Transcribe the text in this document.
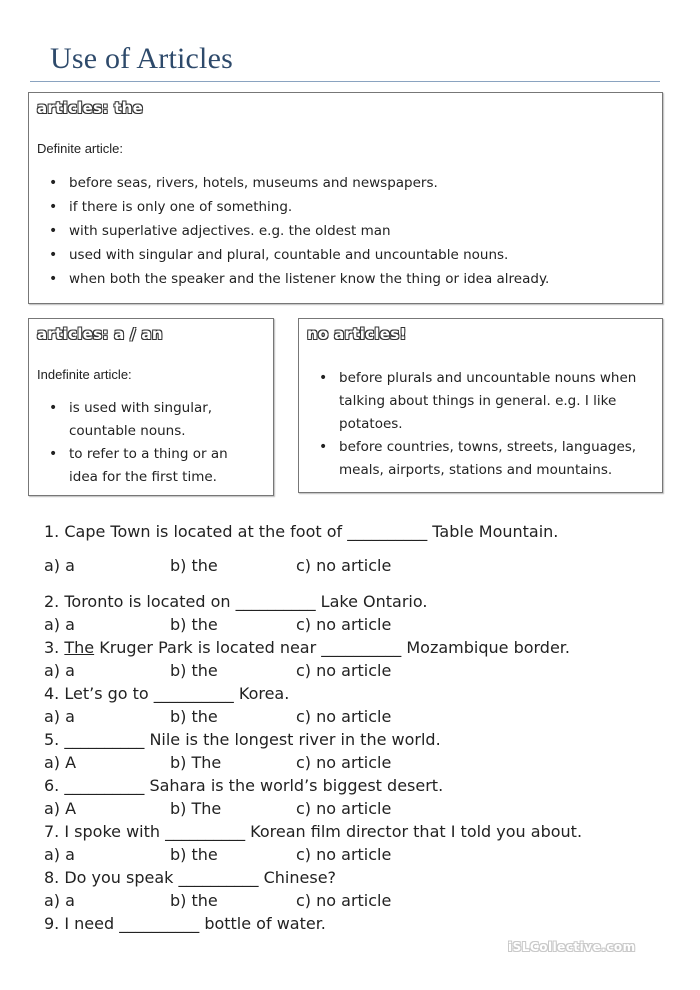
Use of Articles
articles: the
Definite article:
• before seas, rivers, hotels, museums and newspapers.
• if there is only one of something.
• with superlative adjectives. e.g. the oldest man
• used with singular and plural, countable and uncountable nouns.
• when both the speaker and the listener know the thing or idea already.
articles: a / an
Indefinite article:
• is used with singular,
countable nouns.
• to refer to a thing or an
idea for the first time.
no articles!
• before plurals and uncountable nouns when
talking about things in general. e.g. I like
potatoes.
• before countries, towns, streets, languages,
meals, airports, stations and mountains.
1. Cape Town is located at the foot of __________ Table Mountain.
a) a	b) the	c) no article
2. Toronto is located on __________ Lake Ontario.
a) a	b) the	c) no article
3. The Kruger Park is located near __________ Mozambique border.
a) a	b) the	c) no article
4. Let’s go to __________ Korea.
a) a	b) the	c) no article
5. __________ Nile is the longest river in the world.
a) A	b) The	c) no article
6. __________ Sahara is the world’s biggest desert.
a) A	b) The	c) no article
7. I spoke with __________ Korean film director that I told you about.
a) a	b) the	c) no article
8. Do you speak __________ Chinese?
a) a	b) the	c) no article
9. I need __________ bottle of water.
iSLCollective.com
